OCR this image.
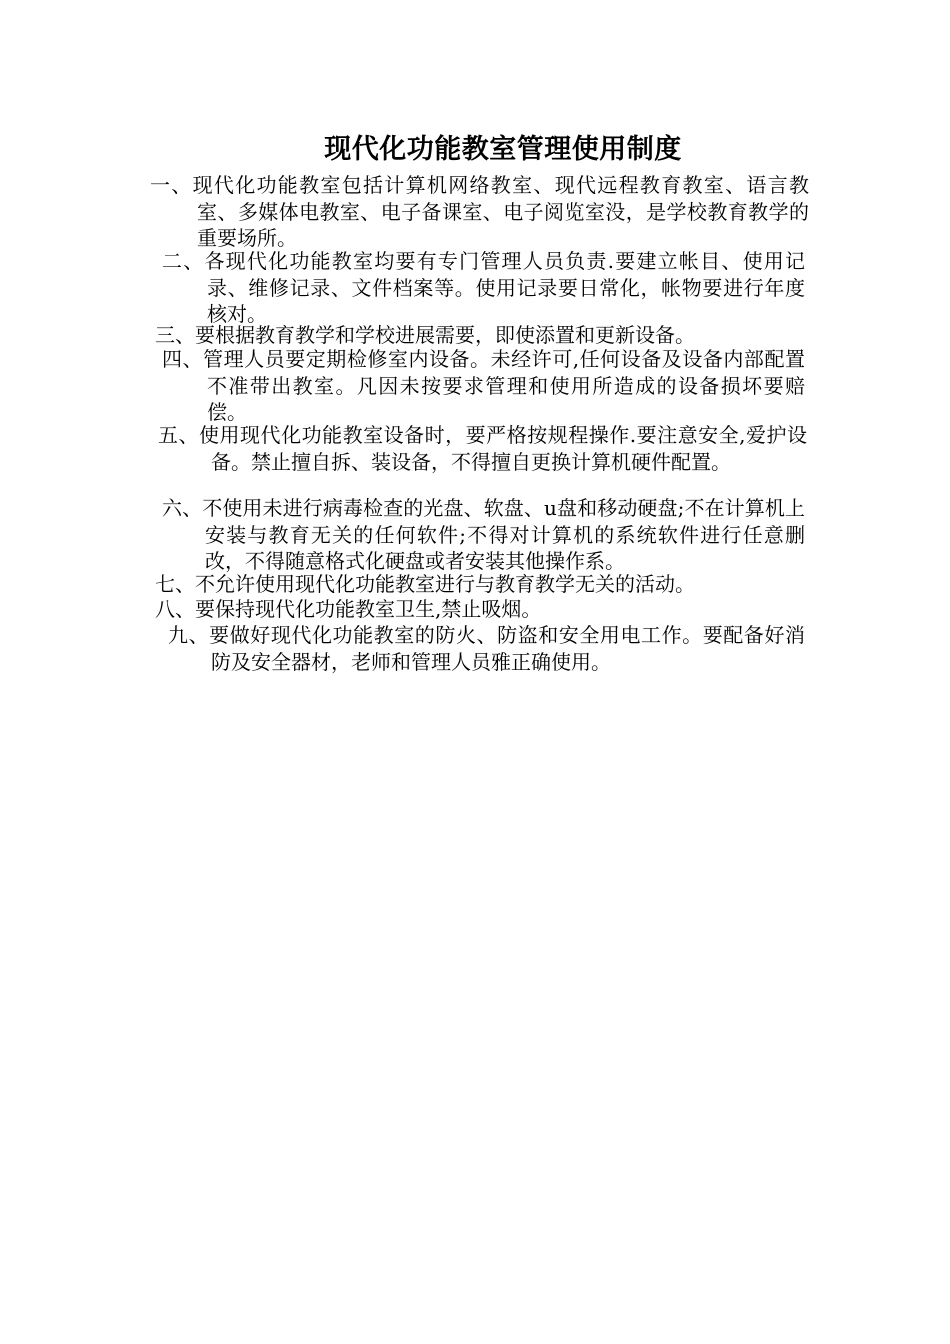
现代化功能教室管理使用制度

一、现代化功能教室包括计算机网络教室、现代远程教育教室、语言教室、多媒体电教室、电子备课室、电子阅览室没，是学校教育教学的重要场所。

二、各现代化功能教室均要有专门管理人员负责.要建立帐目、使用记录、维修记录、文件档案等。使用记录要日常化，帐物要进行年度核对。

三、要根据教育教学和学校进展需要，即使添置和更新设备。

四、管理人员要定期检修室内设备。未经许可,任何设备及设备内部配置不准带出教室。凡因未按要求管理和使用所造成的设备损坏要赔偿。

五、使用现代化功能教室设备时，要严格按规程操作.要注意安全,爱护设备。禁止擅自拆、装设备，不得擅自更换计算机硬件配置。

六、不使用未进行病毒检查的光盘、软盘、u盘和移动硬盘;不在计算机上安装与教育无关的任何软件;不得对计算机的系统软件进行任意删改，不得随意格式化硬盘或者安装其他操作系。

七、不允许使用现代化功能教室进行与教育教学无关的活动。

八、要保持现代化功能教室卫生,禁止吸烟。

九、要做好现代化功能教室的防火、防盗和安全用电工作。要配备好消防及安全器材，老师和管理人员雅正确使用。
